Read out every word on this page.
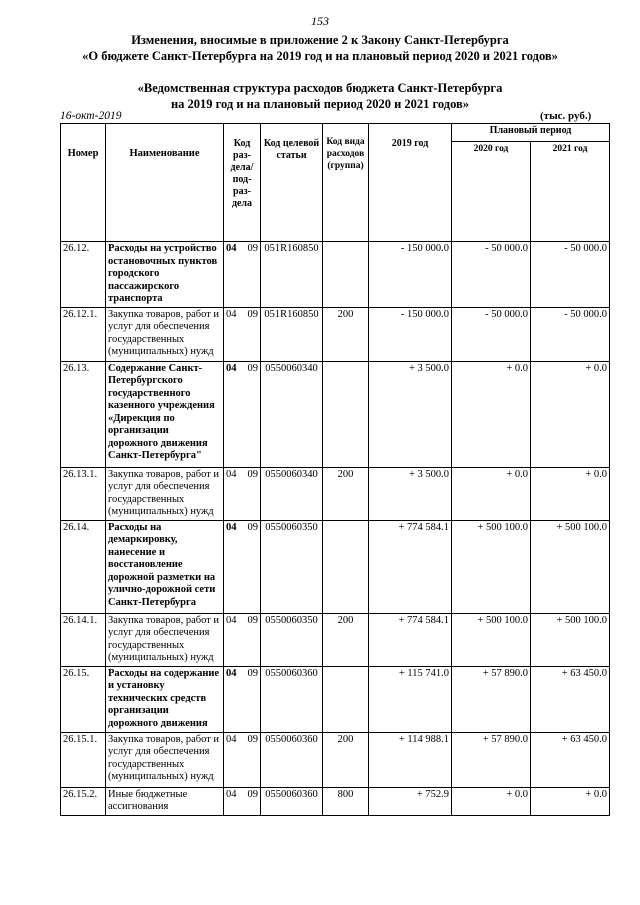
153
Изменения, вносимые в приложение 2 к Закону Санкт-Петербурга
«О бюджете Санкт-Петербурга на 2019 год и на плановый период 2020 и 2021 годов»
«Ведомственная структура расходов бюджета Санкт-Петербурга
на 2019 год и на плановый период 2020 и 2021 годов»
16-окт-2019	(тыс. руб.)
Номер	Наименование	Код раз-дела/ под-раз-дела	Код целевой статьи	Код вида расходов (группа)	2019 год	Плановый период	
						2020 год	2021 год
26.12.	Расходы на устройство остановочных пунктов городского пассажирского транспорта	04 09	051R160850		- 150 000.0	- 50 000.0	- 50 000.0
26.12.1.	Закупка товаров, работ и услуг для обеспечения государственных (муниципальных) нужд	04 09	051R160850	200	- 150 000.0	- 50 000.0	- 50 000.0
26.13.	Содержание Санкт-Петербургского государственного казенного учреждения «Дирекция по организации дорожного движения Санкт-Петербурга"	04 09	0550060340		+ 3 500.0	+ 0.0	+ 0.0
26.13.1.	Закупка товаров, работ и услуг для обеспечения государственных (муниципальных) нужд	04 09	0550060340	200	+ 3 500.0	+ 0.0	+ 0.0
26.14.	Расходы на демаркировку, нанесение и восстановление дорожной разметки на улично-дорожной сети Санкт-Петербурга	04 09	0550060350		+ 774 584.1	+ 500 100.0	+ 500 100.0
26.14.1.	Закупка товаров, работ и услуг для обеспечения государственных (муниципальных) нужд	04 09	0550060350	200	+ 774 584.1	+ 500 100.0	+ 500 100.0
26.15.	Расходы на содержание и установку технических средств организации дорожного движения	04 09	0550060360		+ 115 741.0	+ 57 890.0	+ 63 450.0
26.15.1.	Закупка товаров, работ и услуг для обеспечения государственных (муниципальных) нужд	04 09	0550060360	200	+ 114 988.1	+ 57 890.0	+ 63 450.0
26.15.2.	Иные бюджетные ассигнования	04 09	0550060360	800	+ 752.9	+ 0.0	+ 0.0
